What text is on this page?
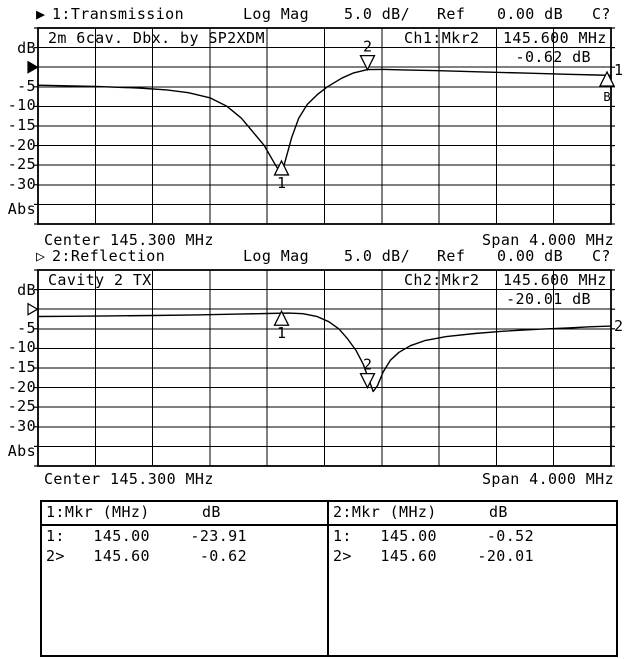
1
2
1
B
1
2
2
▶ 1:Transmission	Log Mag 5.0 dB/ Ref 0.00 dB C?
2m 6cav. Dbx. by SP2XDM	Ch1:Mkr2 145.600 MHz
-0.62 dB
Center 145.300 MHz	Span 4.000 MHz
▷ 2:Reflection	Log Mag 5.0 dB/ Ref 0.00 dB C?
Cavity 2 TX	Ch2:Mkr2 145.600 MHz
-20.01 dB
Center 145.300 MHz	Span 4.000 MHz
1:Mkr (MHz)	dB
1:	145.00	-23.91
2>	145.60	-0.62
2:Mkr (MHz)	dB
1:	145.00	-0.52
2>	145.60	-20.01
dB
-5
-10
-15
-20
-25
-30
Abs
dB
-5
-10
-15
-20
-25
-30
Abs
